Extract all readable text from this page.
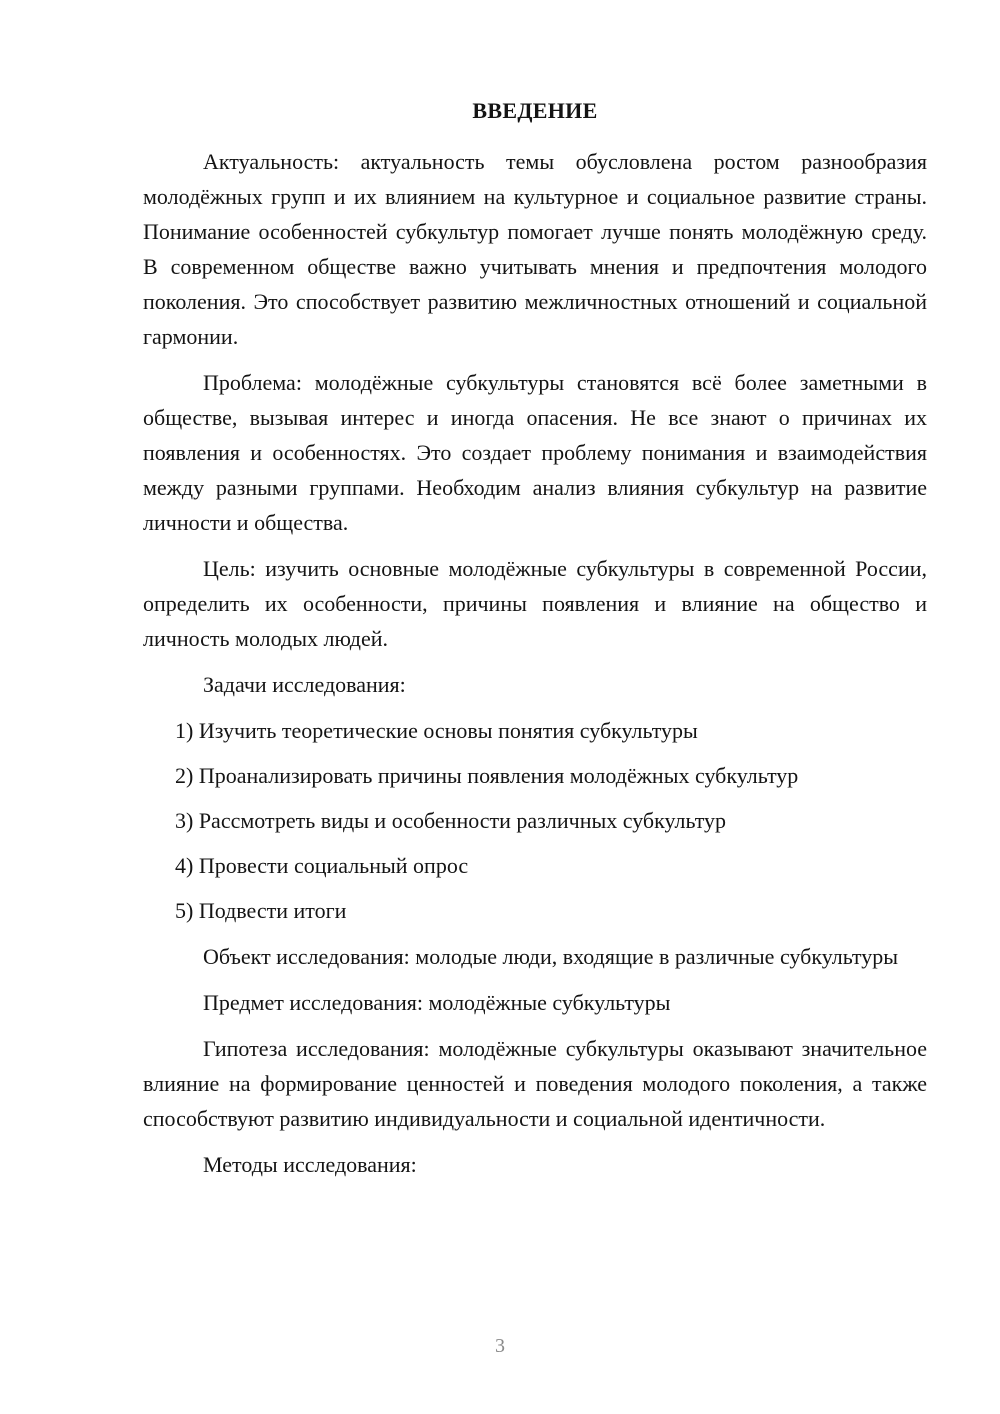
ВВЕДЕНИЕ

Актуальность: актуальность темы обусловлена ростом разнообразия молодёжных групп и их влиянием на культурное и социальное развитие страны. Понимание особенностей субкультур помогает лучше понять молодёжную среду. В современном обществе важно учитывать мнения и предпочтения молодого поколения. Это способствует развитию межличностных отношений и социальной гармонии.

Проблема: молодёжные субкультуры становятся всё более заметными в обществе, вызывая интерес и иногда опасения. Не все знают о причинах их появления и особенностях. Это создает проблему понимания и взаимодействия между разными группами. Необходим анализ влияния субкультур на развитие личности и общества.

Цель: изучить основные молодёжные субкультуры в современной России, определить их особенности, причины появления и влияние на общество и личность молодых людей.

Задачи исследования:

1) Изучить теоретические основы понятия субкультуры
2) Проанализировать причины появления молодёжных субкультур
3) Рассмотреть виды и особенности различных субкультур
4) Провести социальный опрос
5) Подвести итоги

Объект исследования: молодые люди, входящие в различные субкультуры

Предмет исследования: молодёжные субкультуры

Гипотеза исследования: молодёжные субкультуры оказывают значительное влияние на формирование ценностей и поведения молодого поколения, а также способствуют развитию индивидуальности и социальной идентичности.

Методы исследования:

3
